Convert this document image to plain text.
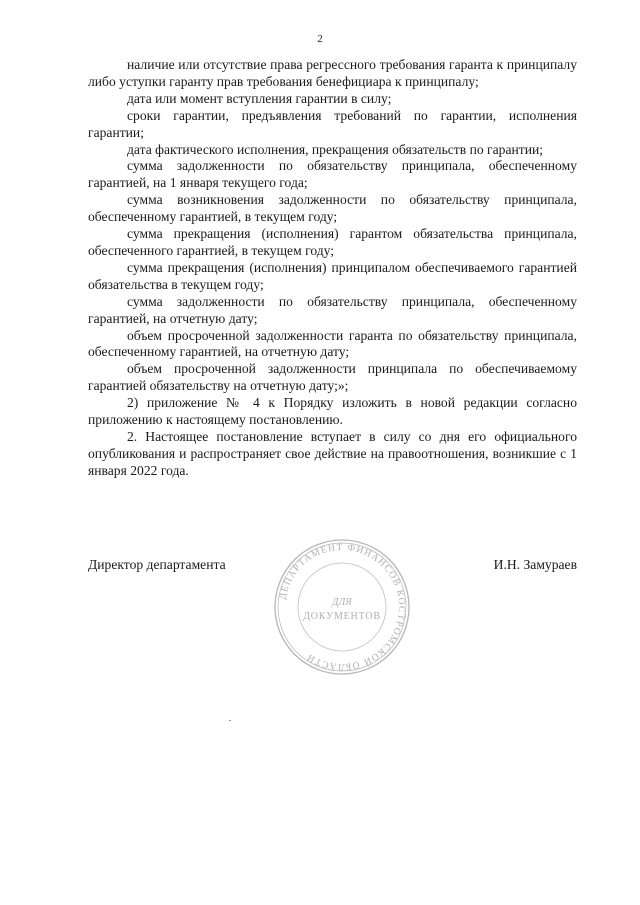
2

наличие или отсутствие права регрессного требования гаранта к принципалу либо уступки гаранту прав требования бенефициара к принципалу;

дата или момент вступления гарантии в силу;

сроки гарантии, предъявления требований по гарантии, исполнения гарантии;

дата фактического исполнения, прекращения обязательств по гарантии;

сумма задолженности по обязательству принципала, обеспеченному гарантией, на 1 января текущего года;

сумма возникновения задолженности по обязательству принципала, обеспеченному гарантией, в текущем году;

сумма прекращения (исполнения) гарантом обязательства принципала, обеспеченного гарантией, в текущем году;

сумма прекращения (исполнения) принципалом обеспечиваемого гарантией обязательства в текущем году;

сумма задолженности по обязательству принципала, обеспеченному гарантией, на отчетную дату;

объем просроченной задолженности гаранта по обязательству принципала, обеспеченному гарантией, на отчетную дату;

объем просроченной задолженности принципала по обеспечиваемому гарантией обязательству на отчетную дату;»;

2) приложение № 4 к Порядку изложить в новой редакции согласно приложению к настоящему постановлению.

2. Настоящее постановление вступает в силу со дня его официального опубликования и распространяет свое действие на правоотношения, возникшие с 1 января 2022 года.

Директор департамента	И.Н. Замураев
ДЕПАРТАМЕНТ ФИНАНСОВ КОСТРОМСКОЙ ОБЛАСТИ
ДЛЯ
ДОКУМЕНТОВ
